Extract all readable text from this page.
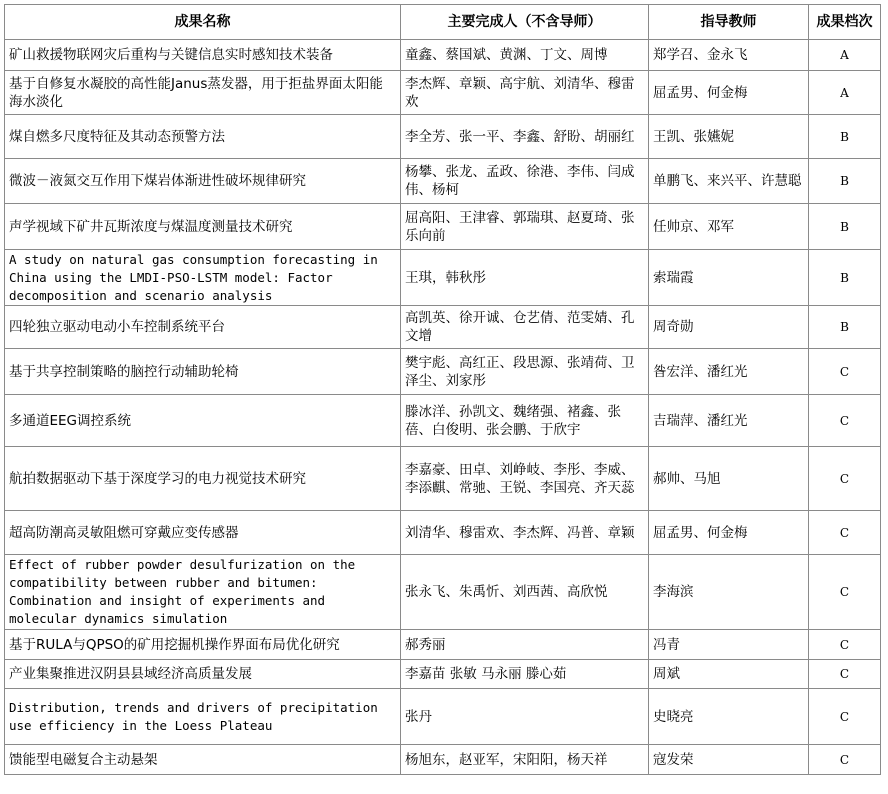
成果名称	主要完成人（不含导师）	指导教师	成果档次
矿山救援物联网灾后重构与关键信息实时感知技术装备	童鑫、蔡国斌、黄渊、丁文、周博	郑学召、金永飞	A
基于自修复水凝胶的高性能Janus蒸发器，用于拒盐界面太阳能海水淡化	李杰辉、章颖、高宇航、刘清华、穆雷欢	屈孟男、何金梅	A
煤自燃多尺度特征及其动态预警方法	李全芳、张一平、李鑫、舒盼、胡丽红	王凯、张嬿妮	B
微波－液氮交互作用下煤岩体渐进性破坏规律研究	杨攀、张龙、孟政、徐港、李伟、闫成伟、杨柯	单鹏飞、来兴平、许慧聪	B
声学视域下矿井瓦斯浓度与煤温度测量技术研究	屈高阳、王津睿、郭瑞琪、赵夏琦、张乐向前	任帅京、邓军	B
A study on natural gas consumption forecasting in China using the LMDI-PSO-LSTM model: Factor decomposition and scenario analysis	王琪，韩秋彤	索瑞霞	B
四轮独立驱动电动小车控制系统平台	高凯英、徐开诚、仓艺倩、范雯婧、孔文增	周奇勋	B
基于共享控制策略的脑控行动辅助轮椅	樊宇彪、高红正、段思源、张靖荷、卫泽尘、刘家彤	昝宏洋、潘红光	C
多通道EEG调控系统	滕冰洋、孙凯文、魏绪强、褚鑫、张蓓、白俊明、张会鹏、于欣宇	吉瑞萍、潘红光	C
航拍数据驱动下基于深度学习的电力视觉技术研究	李嘉豪、田卓、刘峥岐、李彤、李威、李添麒、常驰、王锐、李国亮、齐天蕊	郝帅、马旭	C
超高防潮高灵敏阻燃可穿戴应变传感器	刘清华、穆雷欢、李杰辉、冯普、章颖	屈孟男、何金梅	C
Effect of rubber powder desulfurization on the compatibility between rubber and bitumen: Combination and insight of experiments and molecular dynamics simulation	张永飞、朱禹忻、刘西茜、高欣悦	李海滨	C
基于RULA与QPSO的矿用挖掘机操作界面布局优化研究	郝秀丽	冯青	C
产业集聚推进汉阴县县域经济高质量发展	李嘉苗 张敏 马永丽 滕心茹	周斌	C
Distribution, trends and drivers of precipitation use efficiency in the Loess Plateau	张丹	史晓亮	C
馈能型电磁复合主动悬架	杨旭东，赵亚军，宋阳阳，杨天祥	寇发荣	C
